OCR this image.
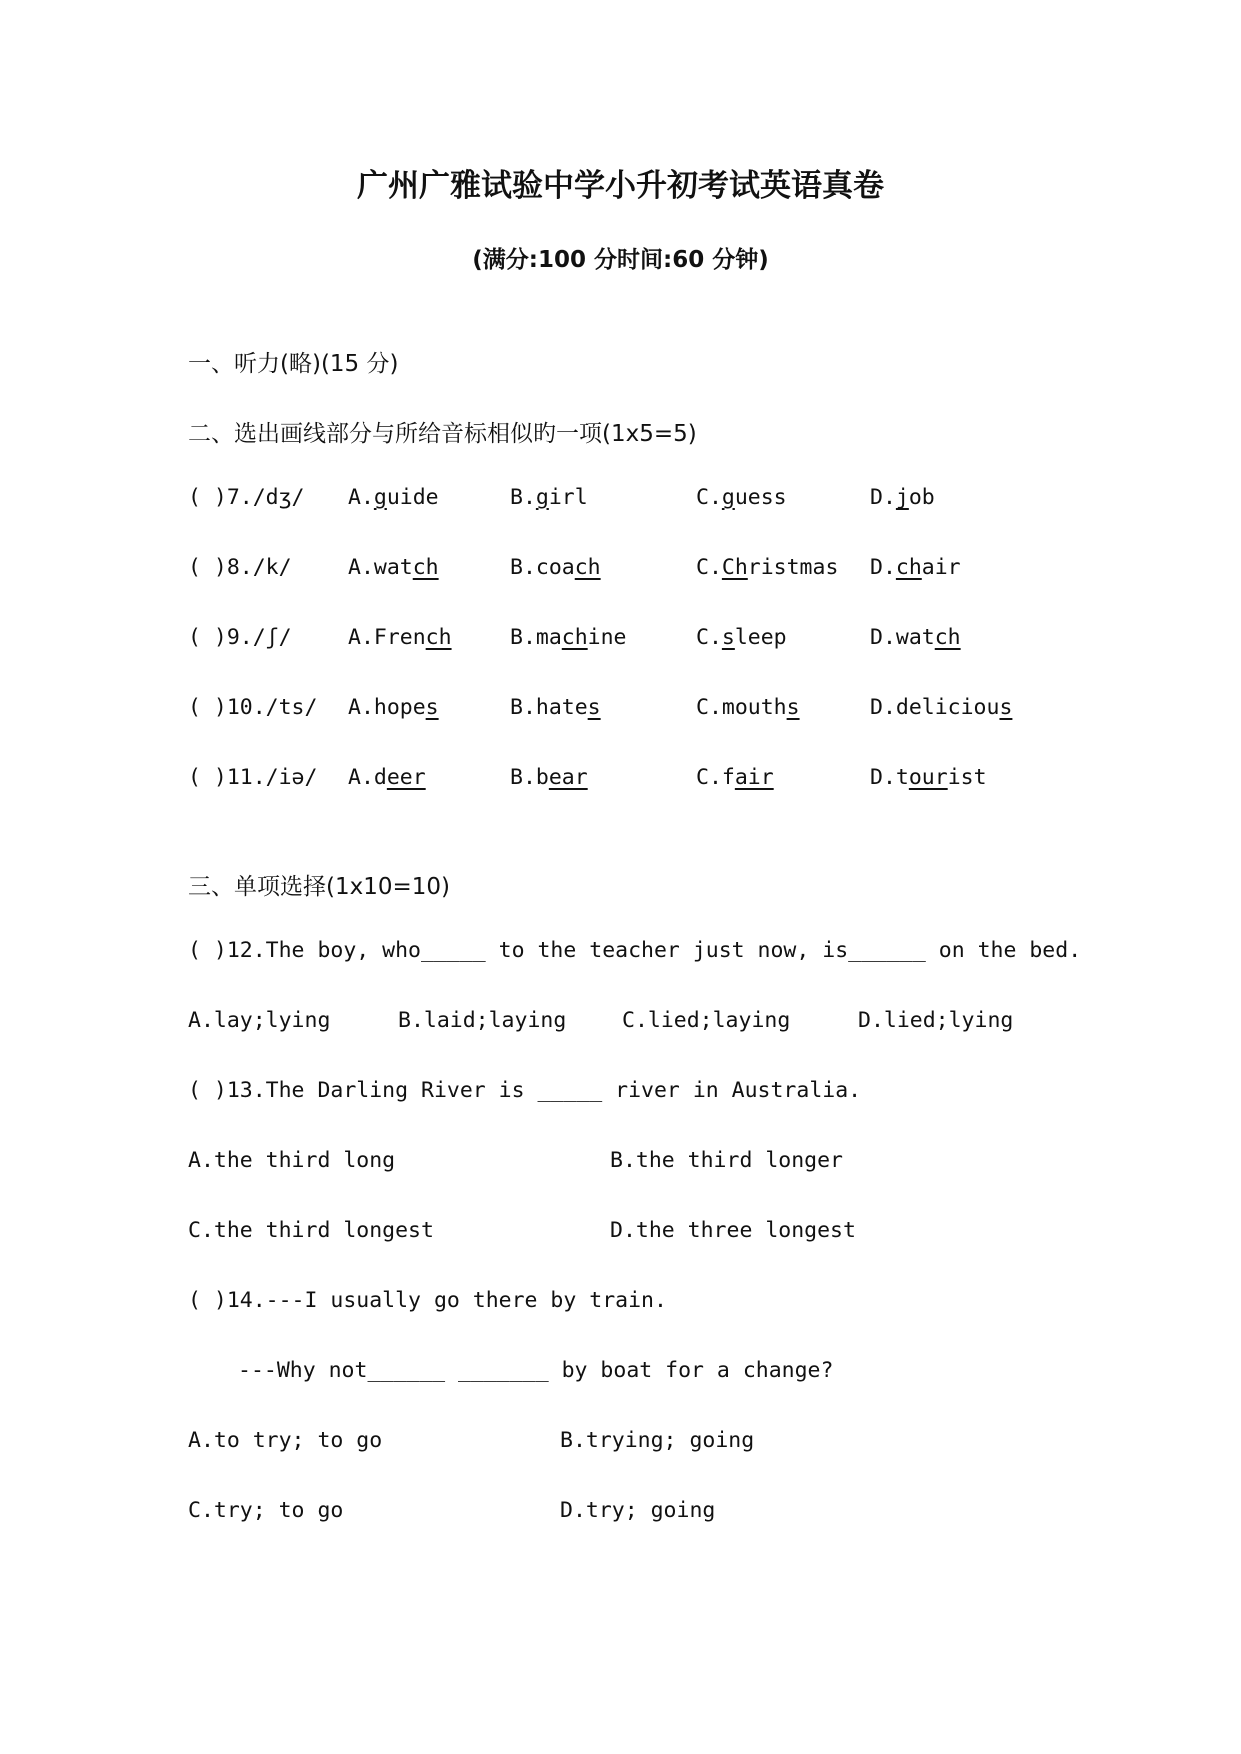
广州广雅试验中学小升初考试英语真卷
(满分:100 分时间:60 分钟)
一、听力(略)(15 分)
二、选出画线部分与所给音标相似旳一项(1x5=5)
( )7./dʒ/ A.guide	B.girl	C.guess	D.job
( )8./k/	A.watch	B.coach	C.Christmas D.chair
( )9./ʃ/	A.French	B.machine	C.sleep	D.watch
( )10./ts/ A.hopes	B.hates	C.mouths	D.delicious
( )11./iə/ A.deer	B.bear	C.fair	D.tourist
三、单项选择(1x10=10)
( )12.The boy, who_____ to the teacher just now, is______ on the bed.
A.lay;lying	B.laid;laying	C.lied;laying	D.lied;lying
( )13.The Darling River is _____ river in Australia.
A.the third long	B.the third longer
C.the third longest	D.the three longest
( )14.---I usually go there by train.
---Why not______ _______ by boat for a change?
A.to try; to go	B.trying; going
C.try; to go	D.try; going
